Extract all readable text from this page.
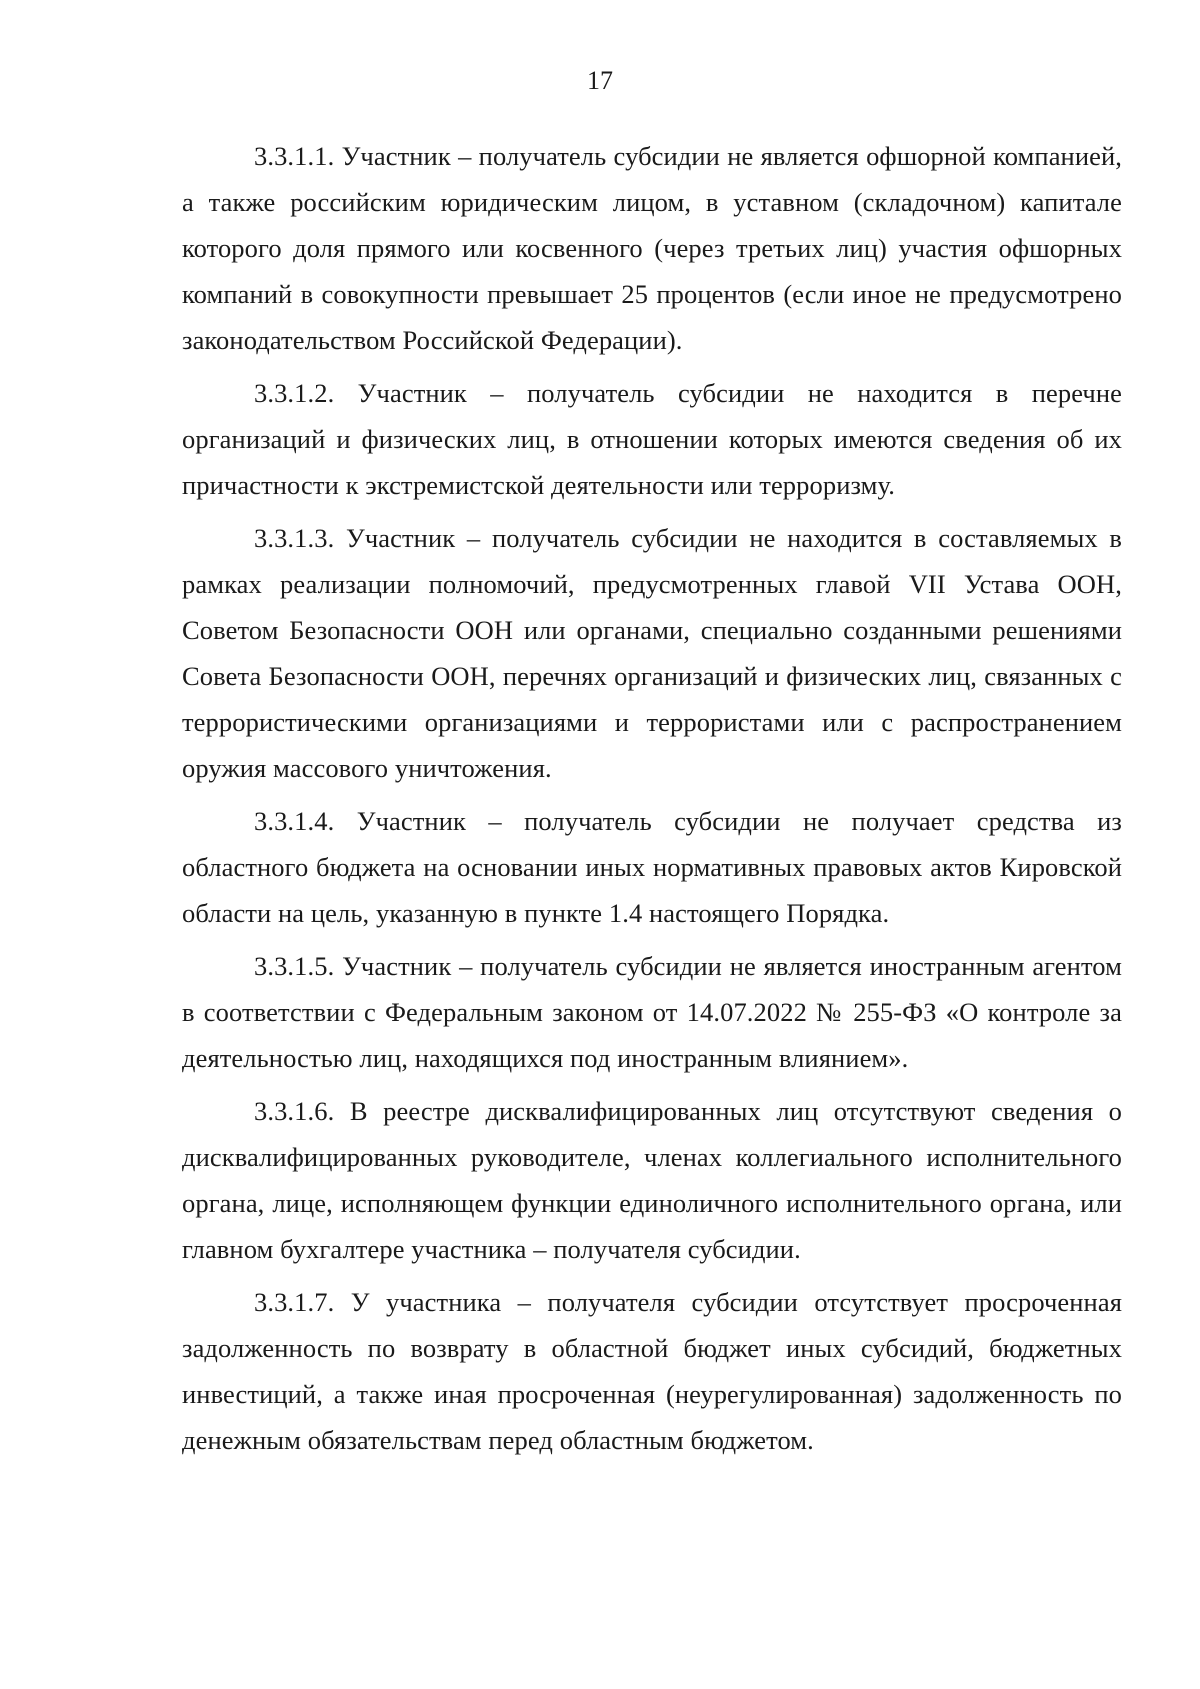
17

3.3.1.1. Участник – получатель субсидии не является офшорной компанией, а также российским юридическим лицом, в уставном (складочном) капитале которого доля прямого или косвенного (через третьих лиц) участия офшорных компаний в совокупности превышает 25 процентов (если иное не предусмотрено законодательством Российской Федерации).

3.3.1.2. Участник – получатель субсидии не находится в перечне организаций и физических лиц, в отношении которых имеются сведения об их причастности к экстремистской деятельности или терроризму.

3.3.1.3. Участник – получатель субсидии не находится в составляемых в рамках реализации полномочий, предусмотренных главой VII Устава ООН, Советом Безопасности ООН или органами, специально созданными решениями Совета Безопасности ООН, перечнях организаций и физических лиц, связанных с террористическими организациями и террористами или с распространением оружия массового уничтожения.

3.3.1.4. Участник – получатель субсидии не получает средства из областного бюджета на основании иных нормативных правовых актов Кировской области на цель, указанную в пункте 1.4 настоящего Порядка.

3.3.1.5. Участник – получатель субсидии не является иностранным агентом в соответствии с Федеральным законом от 14.07.2022 № 255-ФЗ «О контроле за деятельностью лиц, находящихся под иностранным влиянием».

3.3.1.6. В реестре дисквалифицированных лиц отсутствуют сведения о дисквалифицированных руководителе, членах коллегиального исполнительного органа, лице, исполняющем функции единоличного исполнительного органа, или главном бухгалтере участника – получателя субсидии.

3.3.1.7. У участника – получателя субсидии отсутствует просроченная задолженность по возврату в областной бюджет иных субсидий, бюджетных инвестиций, а также иная просроченная (неурегулированная) задолженность по денежным обязательствам перед областным бюджетом.
